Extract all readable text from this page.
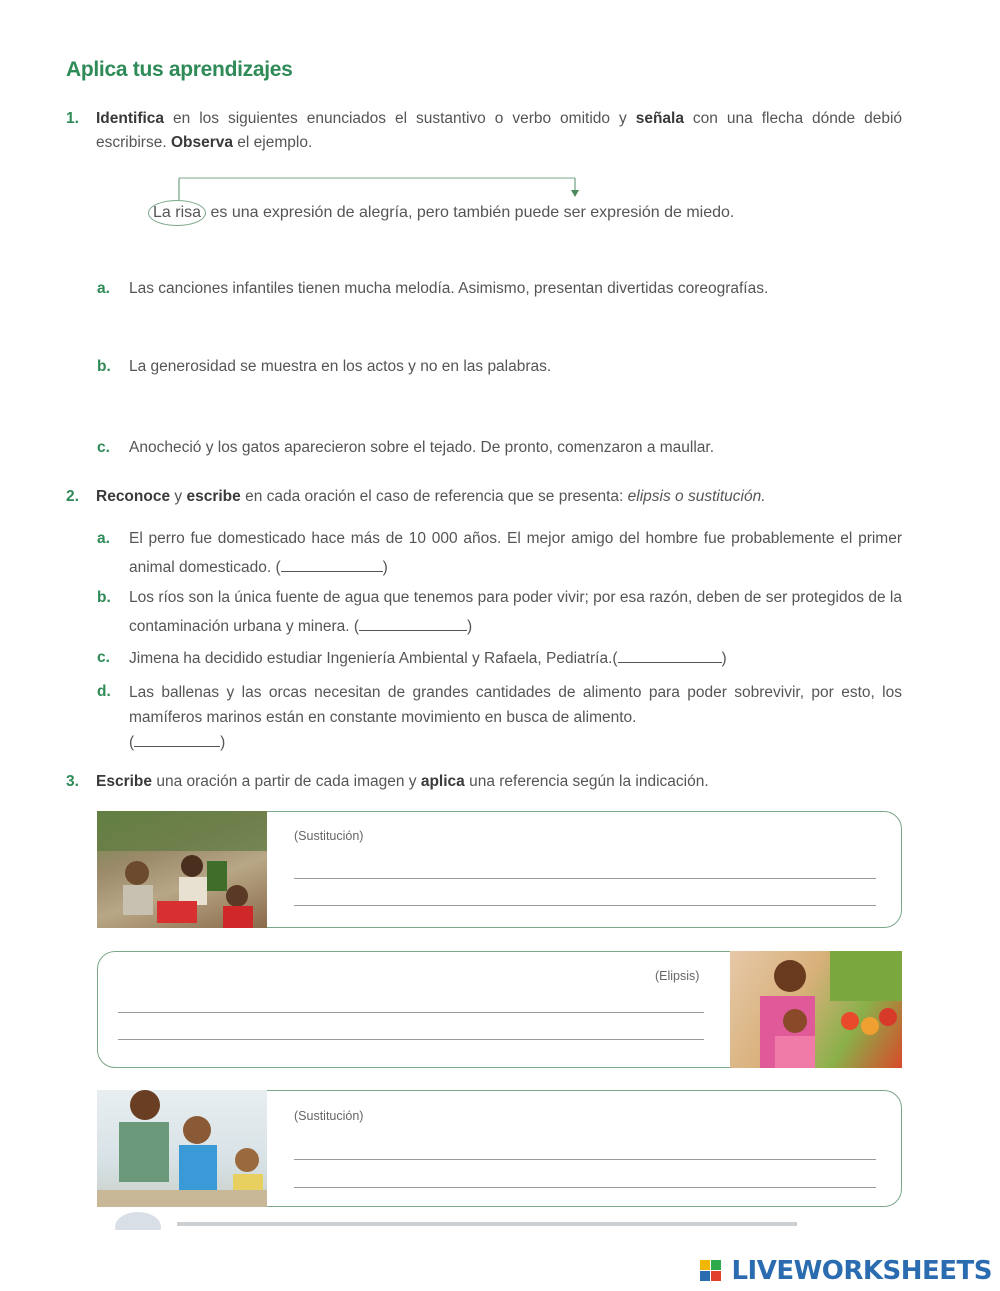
Aplica tus aprendizajes
1. Identifica en los siguientes enunciados el sustantivo o verbo omitido y señala con una flecha dónde debió escribirse. Observa el ejemplo.
La risa es una expresión de alegría, pero también puede ser expresión de miedo.
a. Las canciones infantiles tienen mucha melodía. Asimismo, presentan divertidas coreografías.
b. La generosidad se muestra en los actos y no en las palabras.
c. Anocheció y los gatos aparecieron sobre el tejado. De pronto, comenzaron a maullar.
2. Reconoce y escribe en cada oración el caso de referencia que se presenta: elipsis o sustitución.
a. El perro fue domesticado hace más de 10 000 años. El mejor amigo del hombre fue probablemente el primer animal domesticado. (	)
b. Los ríos son la única fuente de agua que tenemos para poder vivir; por esa razón, deben de ser protegidos de la contaminación urbana y minera. (	)
c. Jimena ha decidido estudiar Ingeniería Ambiental y Rafaela, Pediatría.(	)
d. Las ballenas y las orcas necesitan de grandes cantidades de alimento para poder sobrevivir, por esto, los mamíferos marinos están en constante movimiento en busca de alimento.
(	)
3. Escribe una oración a partir de cada imagen y aplica una referencia según la indicación.
(Sustitución)
(Elipsis)
(Sustitución)
LIVEWORKSHEETS
